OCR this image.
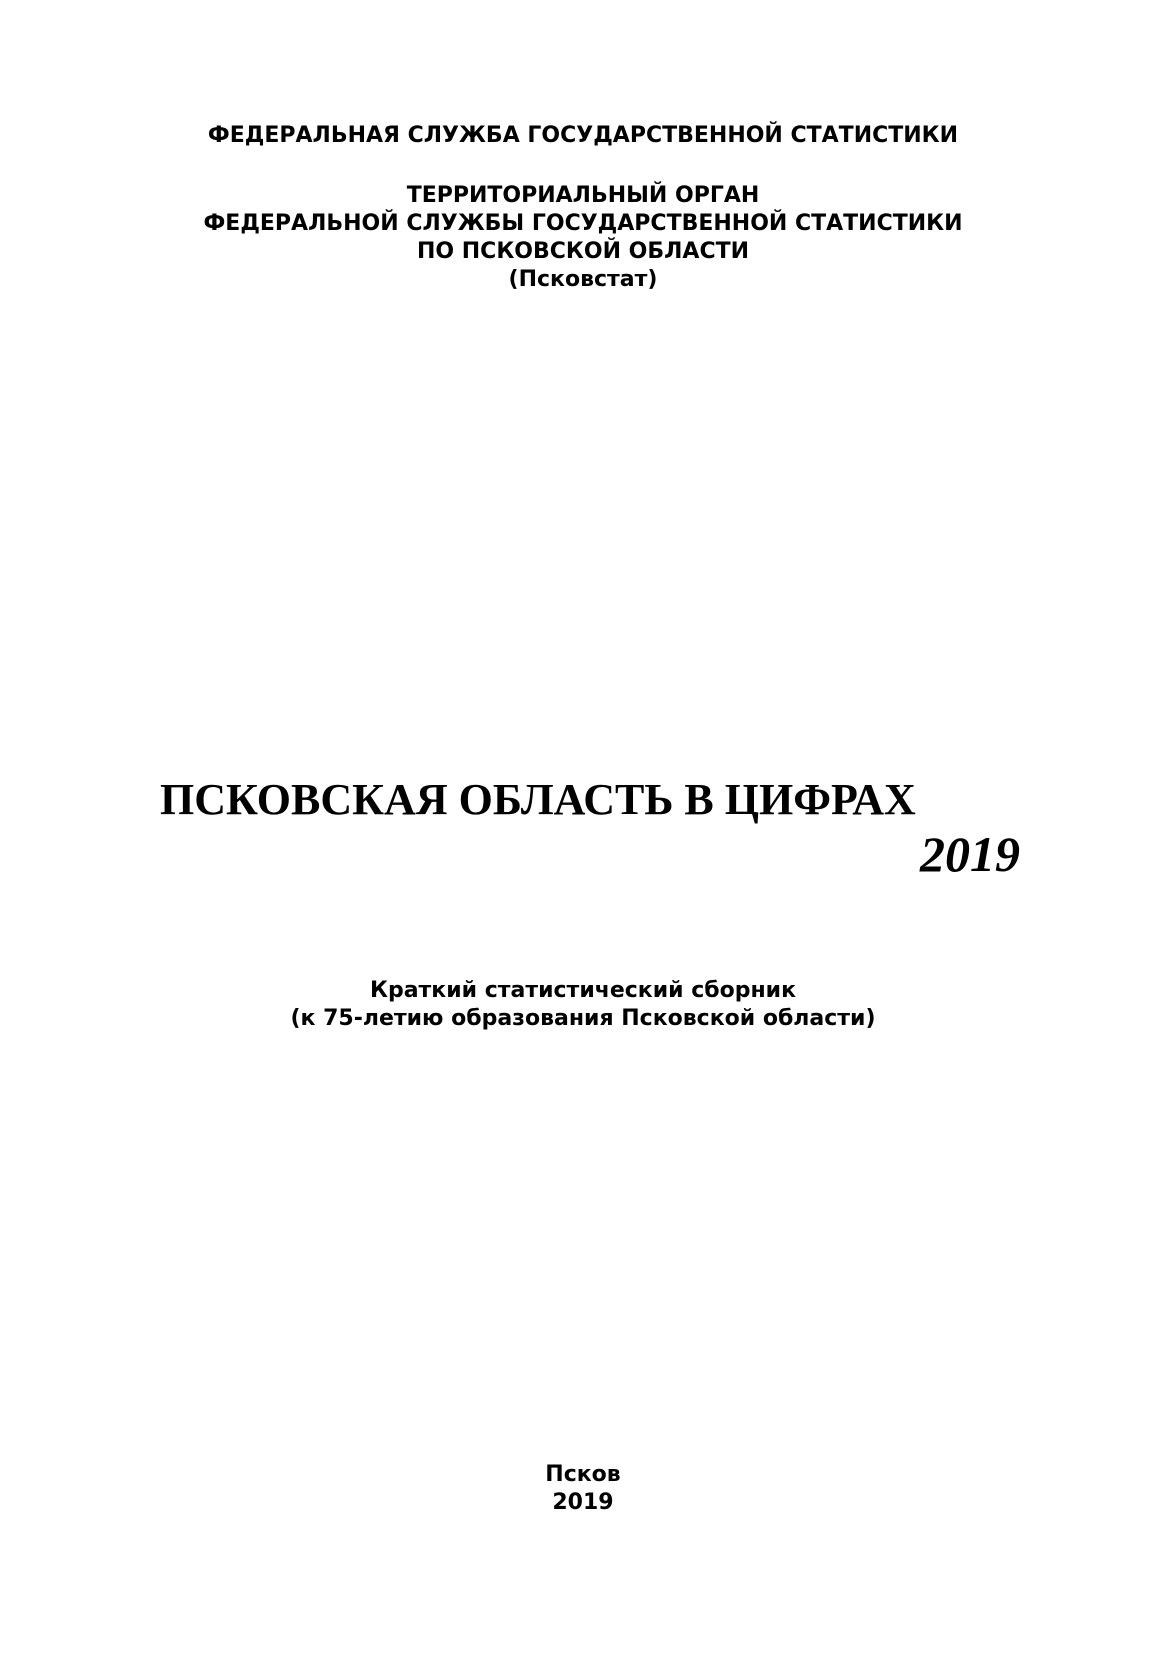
ФЕДЕРАЛЬНАЯ СЛУЖБА ГОСУДАРСТВЕННОЙ СТАТИСТИКИ
ТЕРРИТОРИАЛЬНЫЙ ОРГАН
ФЕДЕРАЛЬНОЙ СЛУЖБЫ ГОСУДАРСТВЕННОЙ СТАТИСТИКИ
ПО ПСКОВСКОЙ ОБЛАСТИ
(Псковстат)
ПСКОВСКАЯ ОБЛАСТЬ В ЦИФРАХ
2019
Краткий статистический сборник
(к 75-летию образования Псковской области)
Псков
2019
